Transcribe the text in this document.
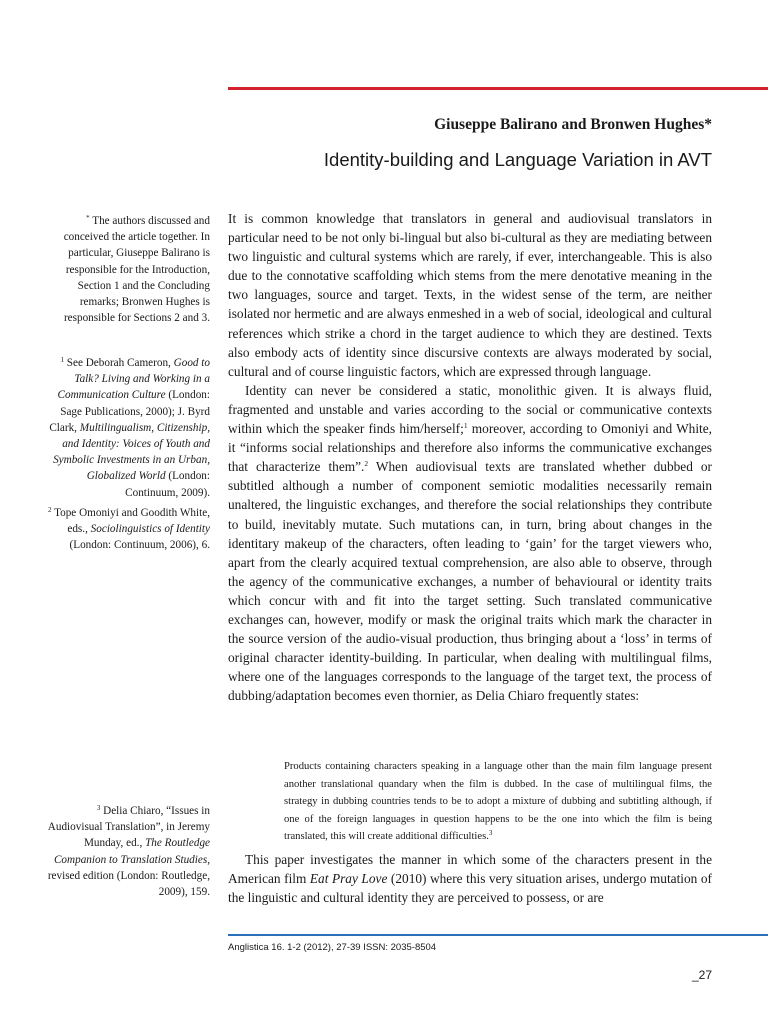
Giuseppe Balirano and Bronwen Hughes*
Identity-building and Language Variation in AVT
* The authors discussed and conceived the article together. In particular, Giuseppe Balirano is responsible for the Introduction, Section 1 and the Concluding remarks; Bronwen Hughes is responsible for Sections 2 and 3.
$^1$ See Deborah Cameron, Good to Talk? Living and Working in a Communication Culture (London: Sage Publications, 2000); J. Byrd Clark, Multilingualism, Citizenship, and Identity: Voices of Youth and Symbolic Investments in an Urban, Globalized World (London: Continuum, 2009).
$^2$ Tope Omoniyi and Goodith White, eds., Sociolinguistics of Identity (London: Continuum, 2006), 6.
$^3$ Delia Chiaro, “Issues in Audiovisual Translation”, in Jeremy Munday, ed., The Routledge Companion to Translation Studies, revised edition (London: Routledge, 2009), 159.

It is common knowledge that translators in general and audiovisual translators in particular need to be not only bi-lingual but also bi-cultural as they are mediating between two linguistic and cultural systems which are rarely, if ever, interchangeable. This is also due to the connotative scaffolding which stems from the mere denotative meaning in the two languages, source and target. Texts, in the widest sense of the term, are neither isolated nor hermetic and are always enmeshed in a web of social, ideological and cultural references which strike a chord in the target audience to which they are destined. Texts also embody acts of identity since discursive contexts are always moderated by social, cultural and of course linguistic factors, which are expressed through language.

Identity can never be considered a static, monolithic given. It is always fluid, fragmented and unstable and varies according to the social or communicative contexts within which the speaker finds him/herself;$^1$ moreover, according to Omoniyi and White, it “informs social relationships and therefore also informs the communicative exchanges that characterize them”.$^2$ When audiovisual texts are translated whether dubbed or subtitled although a number of component semiotic modalities necessarily remain unaltered, the linguistic exchanges, and therefore the social relationships they contribute to build, inevitably mutate. Such mutations can, in turn, bring about changes in the identitary makeup of the characters, often leading to ‘gain’ for the target viewers who, apart from the clearly acquired textual comprehension, are also able to observe, through the agency of the communicative exchanges, a number of behavioural or identity traits which concur with and fit into the target setting. Such translated communicative exchanges can, however, modify or mask the original traits which mark the character in the source version of the audio-visual production, thus bringing about a ‘loss’ in terms of original character identity-building. In particular, when dealing with multilingual films, where one of the languages corresponds to the language of the target text, the process of dubbing/adaptation becomes even thornier, as Delia Chiaro frequently states:

Products containing characters speaking in a language other than the main film language present another translational quandary when the film is dubbed. In the case of multilingual films, the strategy in dubbing countries tends to be to adopt a mixture of dubbing and subtitling although, if one of the foreign languages in question happens to be the one into which the film is being translated, this will create additional difficulties.$^3$

This paper investigates the manner in which some of the characters present in the American film Eat Pray Love (2010) where this very situation arises, undergo mutation of the linguistic and cultural identity they are perceived to possess, or are

Anglistica 16. 1-2 (2012), 27-39 ISSN: 2035-8504
_27
